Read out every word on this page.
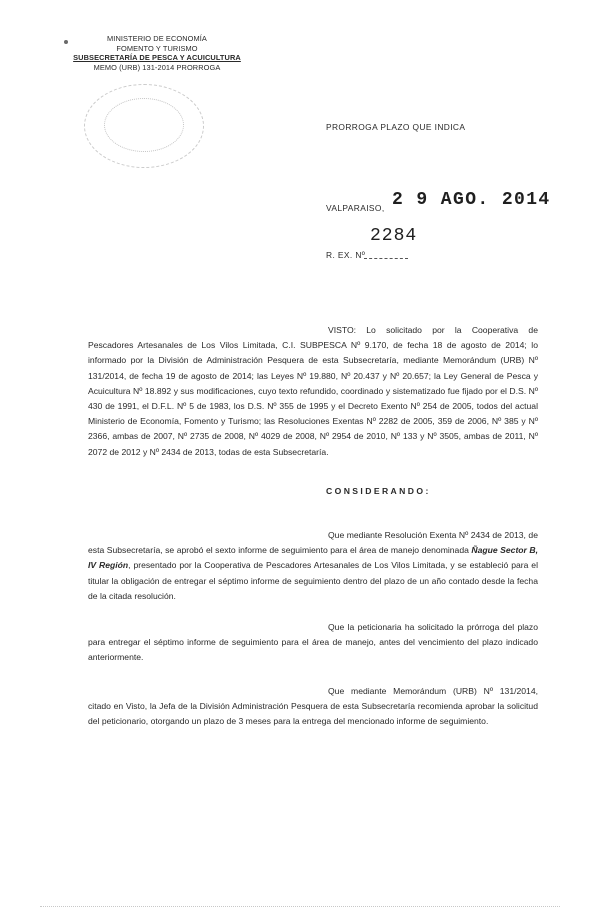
MINISTERIO DE ECONOMÍA
FOMENTO Y TURISMO
SUBSECRETARÍA DE PESCA Y ACUICULTURA
MEMO (URB) 131-2014 PRORROGA
PRORROGA PLAZO QUE INDICA
VALPARAISO, 2 9 AGO. 2014
2284
R. EX. Nº
VISTO: Lo solicitado por la Cooperativa de Pescadores Artesanales de Los Vilos Limitada, C.I. SUBPESCA Nº 9.170, de fecha 18 de agosto de 2014; lo informado por la División de Administración Pesquera de esta Subsecretaría, mediante Memorándum (URB) Nº 131/2014, de fecha 19 de agosto de 2014; las Leyes Nº 19.880, Nº 20.437 y Nº 20.657; la Ley General de Pesca y Acuicultura Nº 18.892 y sus modificaciones, cuyo texto refundido, coordinado y sistematizado fue fijado por el D.S. Nº 430 de 1991, el D.F.L. Nº 5 de 1983, los D.S. Nº 355 de 1995 y el Decreto Exento Nº 254 de 2005, todos del actual Ministerio de Economía, Fomento y Turismo; las Resoluciones Exentas Nº 2282 de 2005, 359 de 2006, Nº 385 y Nº 2366, ambas de 2007, Nº 2735 de 2008, Nº 4029 de 2008, Nº 2954 de 2010, Nº 133 y Nº 3505, ambas de 2011, Nº 2072 de 2012 y Nº 2434 de 2013, todas de esta Subsecretaría.
CONSIDERANDO:
Que mediante Resolución Exenta Nº 2434 de 2013, de esta Subsecretaría, se aprobó el sexto informe de seguimiento para el área de manejo denominada Ñague Sector B, IV Región, presentado por la Cooperativa de Pescadores Artesanales de Los Vilos Limitada, y se estableció para el titular la obligación de entregar el séptimo informe de seguimiento dentro del plazo de un año contado desde la fecha de la citada resolución.
Que la peticionaria ha solicitado la prórroga del plazo para entregar el séptimo informe de seguimiento para el área de manejo, antes del vencimiento del plazo indicado anteriormente.
Que mediante Memorándum (URB) Nº 131/2014, citado en Visto, la Jefa de la División Administración Pesquera de esta Subsecretaría recomienda aprobar la solicitud del peticionario, otorgando un plazo de 3 meses para la entrega del mencionado informe de seguimiento.
